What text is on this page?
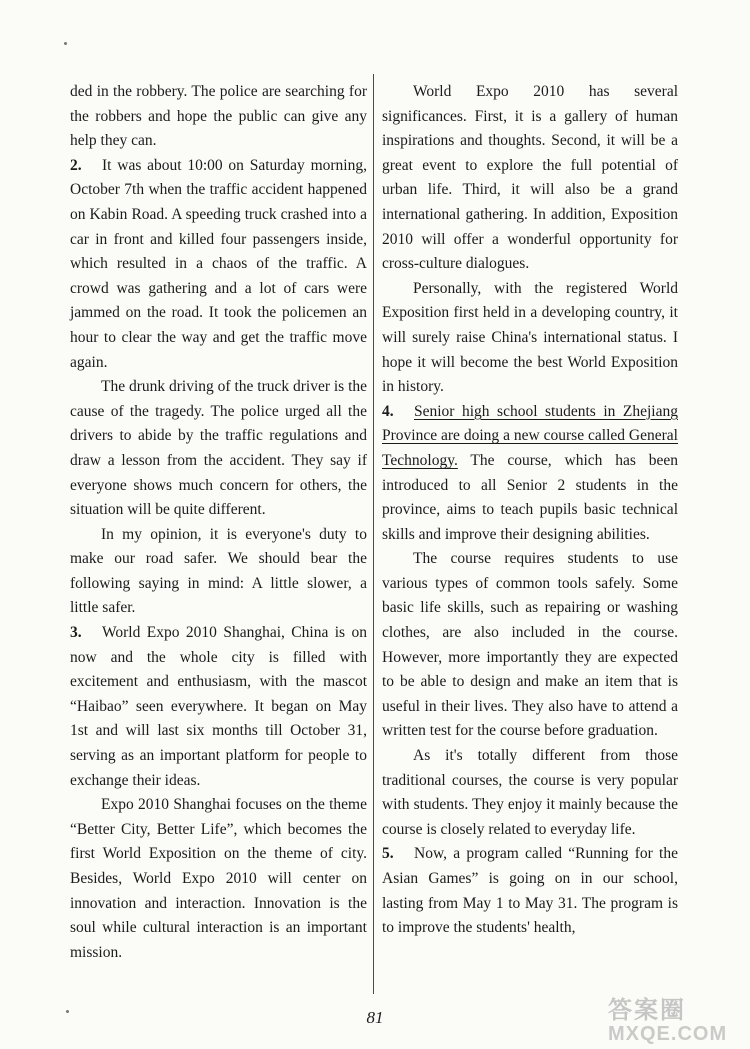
ded in the robbery. The police are searching for the robbers and hope the public can give any help they can.

2. It was about 10:00 on Saturday morning, October 7th when the traffic accident happened on Kabin Road. A speeding truck crashed into a car in front and killed four passengers inside, which resulted in a chaos of the traffic. A crowd was gathering and a lot of cars were jammed on the road. It took the policemen an hour to clear the way and get the traffic move again.

The drunk driving of the truck driver is the cause of the tragedy. The police urged all the drivers to abide by the traffic regulations and draw a lesson from the accident. They say if everyone shows much concern for others, the situation will be quite different.

In my opinion, it is everyone's duty to make our road safer. We should bear the following saying in mind: A little slower, a little safer.

3. World Expo 2010 Shanghai, China is on now and the whole city is filled with excitement and enthusiasm, with the mascot “Haibao” seen everywhere. It began on May 1st and will last six months till October 31, serving as an important platform for people to exchange their ideas.

Expo 2010 Shanghai focuses on the theme “Better City, Better Life”, which becomes the first World Exposition on the theme of city. Besides, World Expo 2010 will center on innovation and interaction. Innovation is the soul while cultural interaction is an important mission.

World Expo 2010 has several significances. First, it is a gallery of human inspirations and thoughts. Second, it will be a great event to explore the full potential of urban life. Third, it will also be a grand international gathering. In addition, Exposition 2010 will offer a wonderful opportunity for cross-culture dialogues.

Personally, with the registered World Exposition first held in a developing country, it will surely raise China's international status. I hope it will become the best World Exposition in history.

4. Senior high school students in Zhejiang Province are doing a new course called General Technology. The course, which has been introduced to all Senior 2 students in the province, aims to teach pupils basic technical skills and improve their designing abilities.

The course requires students to use various types of common tools safely. Some basic life skills, such as repairing or washing clothes, are also included in the course. However, more importantly they are expected to be able to design and make an item that is useful in their lives. They also have to attend a written test for the course before graduation.

As it's totally different from those traditional courses, the course is very popular with students. They enjoy it mainly because the course is closely related to everyday life.

5. Now, a program called “Running for the Asian Games” is going on in our school, lasting from May 1 to May 31. The program is to improve the students' health,

81	答案圈
MXQE.COM
